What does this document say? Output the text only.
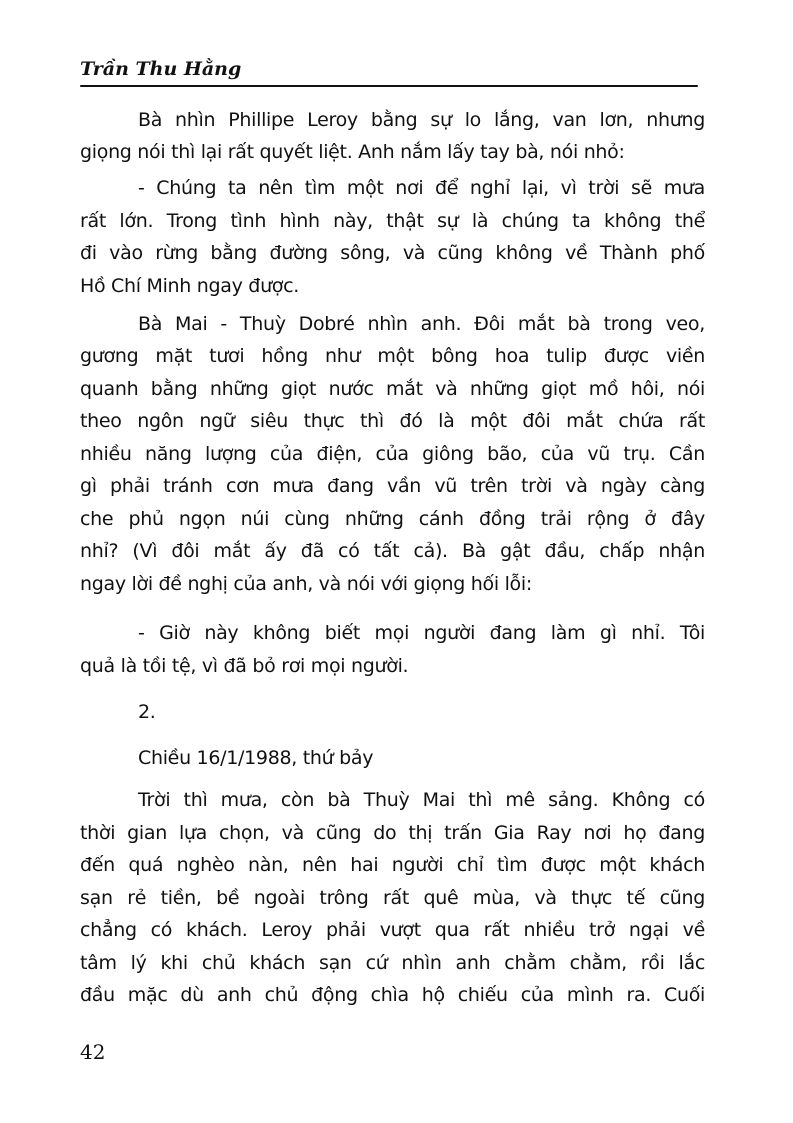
Trần Thu Hằng
Bà nhìn Phillipe Leroy bằng sự lo lắng, van lơn, nhưng
giọng nói thì lại rất quyết liệt. Anh nắm lấy tay bà, nói nhỏ:
- Chúng ta nên tìm một nơi để nghỉ lại, vì trời sẽ mưa
rất lớn. Trong tình hình này, thật sự là chúng ta không thể
đi vào rừng bằng đường sông, và cũng không về Thành phố
Hồ Chí Minh ngay được.
Bà Mai - Thuỳ Dobré nhìn anh. Đôi mắt bà trong veo,
gương mặt tươi hồng như một bông hoa tulip được viền
quanh bằng những giọt nước mắt và những giọt mồ hôi, nói
theo ngôn ngữ siêu thực thì đó là một đôi mắt chứa rất
nhiều năng lượng của điện, của giông bão, của vũ trụ. Cần
gì phải tránh cơn mưa đang vần vũ trên trời và ngày càng
che phủ ngọn núi cùng những cánh đồng trải rộng ở đây
nhỉ? (Vì đôi mắt ấy đã có tất cả). Bà gật đầu, chấp nhận
ngay lời đề nghị của anh, và nói với giọng hối lỗi:
- Giờ này không biết mọi người đang làm gì nhỉ. Tôi
quả là tồi tệ, vì đã bỏ rơi mọi người.
2.
Chiều 16/1/1988, thứ bảy
Trời thì mưa, còn bà Thuỳ Mai thì mê sảng. Không có
thời gian lựa chọn, và cũng do thị trấn Gia Ray nơi họ đang
đến quá nghèo nàn, nên hai người chỉ tìm được một khách
sạn rẻ tiền, bề ngoài trông rất quê mùa, và thực tế cũng
chẳng có khách. Leroy phải vượt qua rất nhiều trở ngại về
tâm lý khi chủ khách sạn cứ nhìn anh chằm chằm, rồi lắc
đầu mặc dù anh chủ động chìa hộ chiếu của mình ra. Cuối
42
